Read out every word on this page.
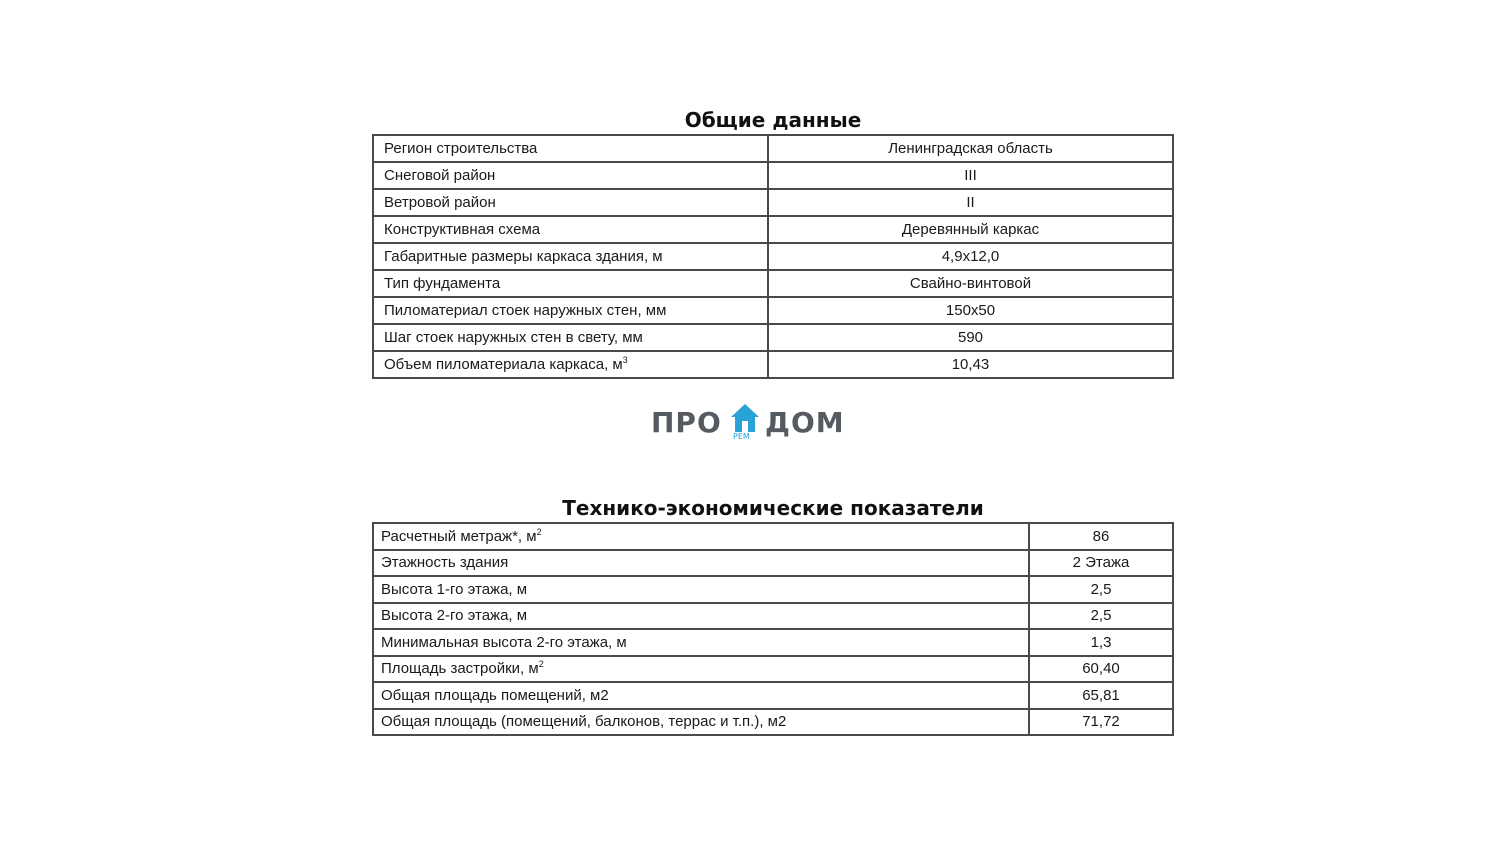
Общие данные
Регион строительства	Ленинградская область
Снеговой район	III
Ветровой район	II
Конструктивная схема	Деревянный каркас
Габаритные размеры каркаса здания, м	4,9х12,0
Тип фундамента	Свайно-винтовой
Пиломатериал стоек наружных стен, мм	150х50
Шаг стоек наружных стен в свету, мм	590
Объем пиломатериала каркаса, $м^3$	10,43
ПРО РЕМ ДОМ
Технико-экономические показатели
Расчетный метраж*, $м^2$	86
Этажность здания	2 Этажа
Высота 1-го этажа, м	2,5
Высота 2-го этажа, м	2,5
Минимальная высота 2-го этажа, м	1,3
Площадь застройки, $м^2$	60,40
Общая площадь помещений, м2	65,81
Общая площадь (помещений, балконов, террас и т.п.), м2	71,72
